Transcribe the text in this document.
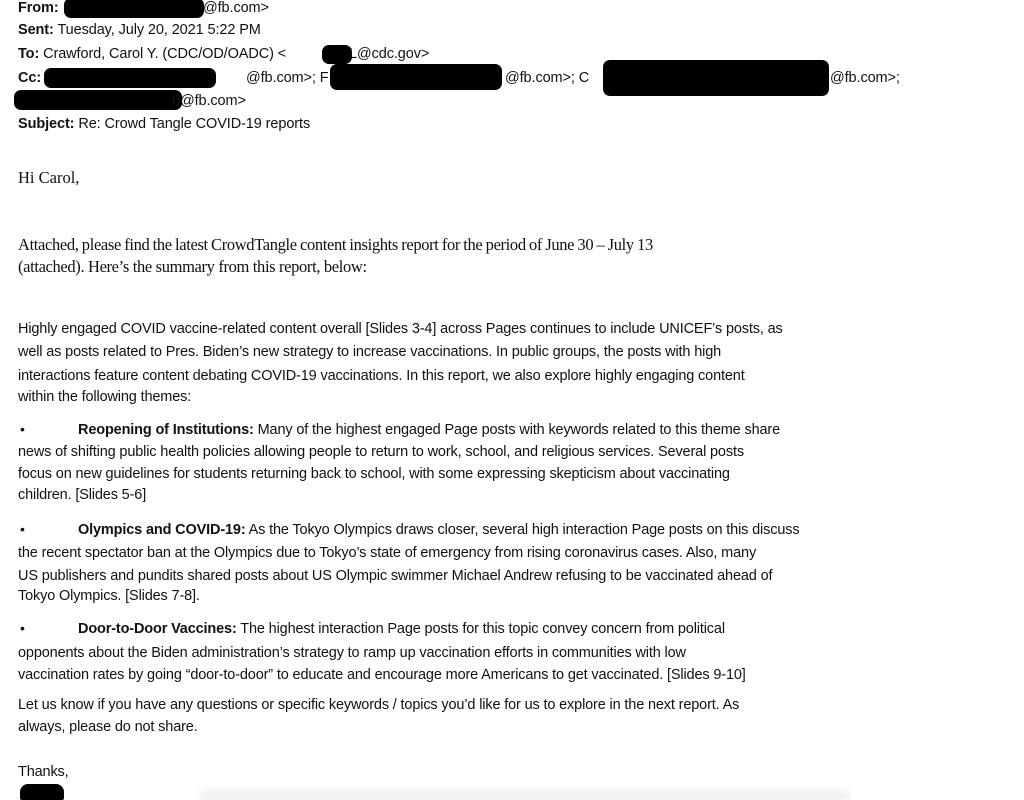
From:	@fb.com>
Sent: Tuesday, July 20, 2021 5:22 PM
To: Crawford, Carol Y. (CDC/OD/OADC) <	L@cdc.gov>
Cc:	@fb.com>; F	@fb.com>; C	@fb.com>;
h@fb.com>
Subject: Re: Crowd Tangle COVID-19 reports
Hi Carol,
Attached, please find the latest CrowdTangle content insights report for the period of June 30 – July 13
(attached). Here’s the summary from this report, below:
Highly engaged COVID vaccine-related content overall [Slides 3-4] across Pages continues to include UNICEF’s posts, as
well as posts related to Pres. Biden’s new strategy to increase vaccinations. In public groups, the posts with high
interactions feature content debating COVID-19 vaccinations. In this report, we also explore highly engaging content
within the following themes:
•	Reopening of Institutions: Many of the highest engaged Page posts with keywords related to this theme share
news of shifting public health policies allowing people to return to work, school, and religious services. Several posts
focus on new guidelines for students returning back to school, with some expressing skepticism about vaccinating
children. [Slides 5-6]
•	Olympics and COVID-19: As the Tokyo Olympics draws closer, several high interaction Page posts on this discuss
the recent spectator ban at the Olympics due to Tokyo’s state of emergency from rising coronavirus cases. Also, many
US publishers and pundits shared posts about US Olympic swimmer Michael Andrew refusing to be vaccinated ahead of
Tokyo Olympics. [Slides 7-8].
•	Door-to-Door Vaccines: The highest interaction Page posts for this topic convey concern from political
opponents about the Biden administration’s strategy to ramp up vaccination efforts in communities with low
vaccination rates by going “door-to-door” to educate and encourage more Americans to get vaccinated. [Slides 9-10]
Let us know if you have any questions or specific keywords / topics you’d like for us to explore in the next report. As
always, please do not share.
Thanks,
